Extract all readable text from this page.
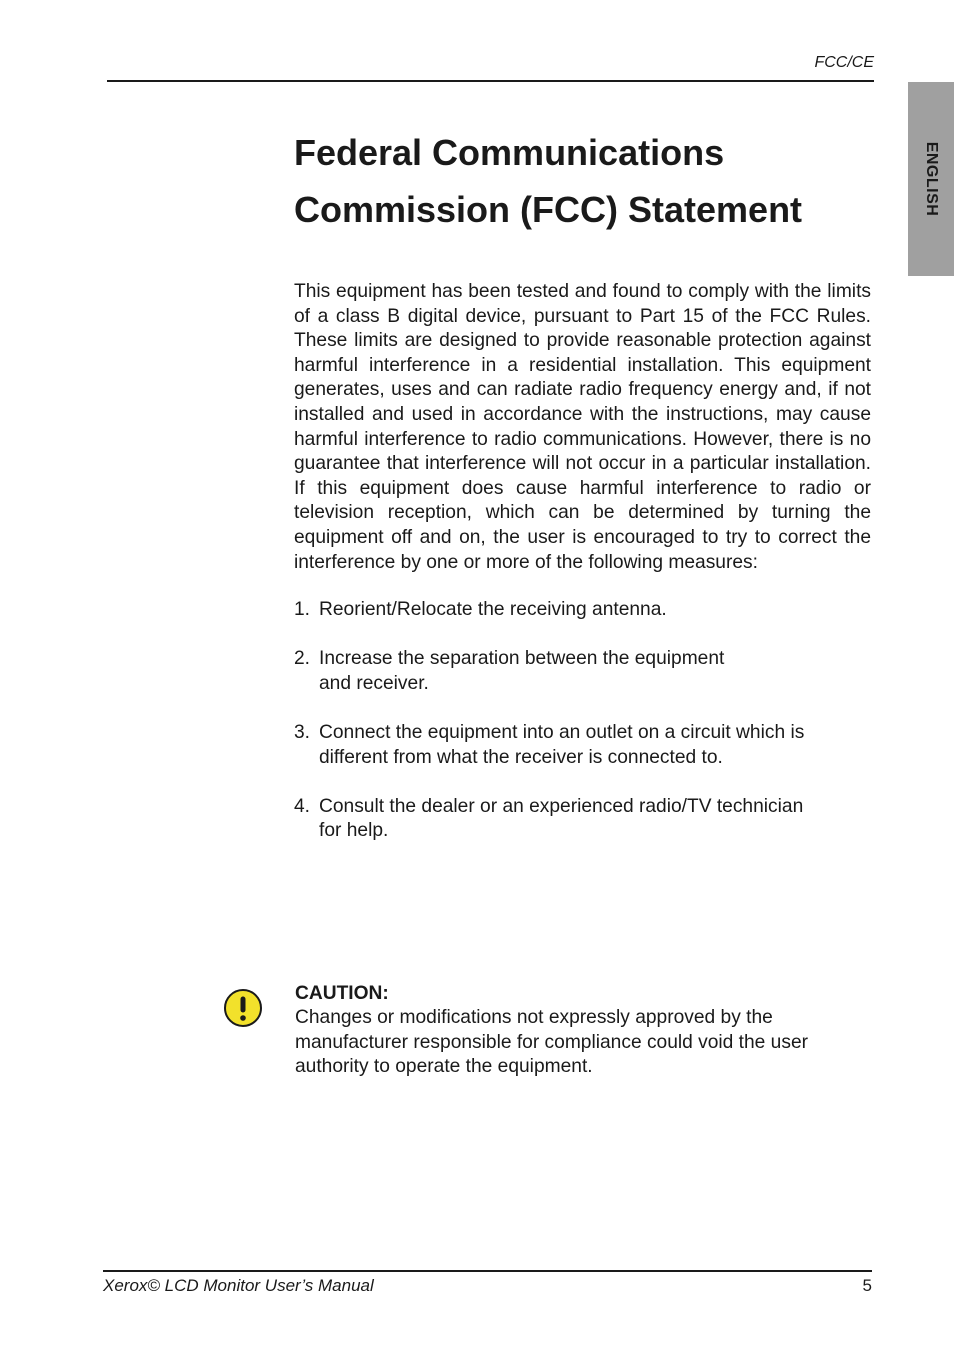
FCC/CE
ENGLISH
Federal Communications
Commission (FCC) Statement

This equipment has been tested and found to comply with the limits of a class B digital device, pursuant to Part 15 of the FCC Rules. These limits are designed to provide reasonable protection against harmful interference in a residential installation. This equipment generates, uses and can radiate radio frequency energy and, if not installed and used in accordance with the instructions, may cause harmful interference to radio communications. However, there is no guarantee that interference will not occur in a particular installation. If this equipment does cause harmful interference to radio or television reception, which can be determined by turning the equipment off and on, the user is encouraged to try to correct the interference by one or more of the following measures:

1. Reorient/Relocate the receiving antenna.
2. Increase the separation between the equipment
and receiver.
3. Connect the equipment into an outlet on a circuit which is different from what the receiver is connected to.
4. Consult the dealer or an experienced radio/TV technician
for help.

CAUTION:

Changes or modifications not expressly approved by the manufacturer responsible for compliance could void the user authority to operate the equipment.

Xerox© LCD Monitor User’s Manual	5
